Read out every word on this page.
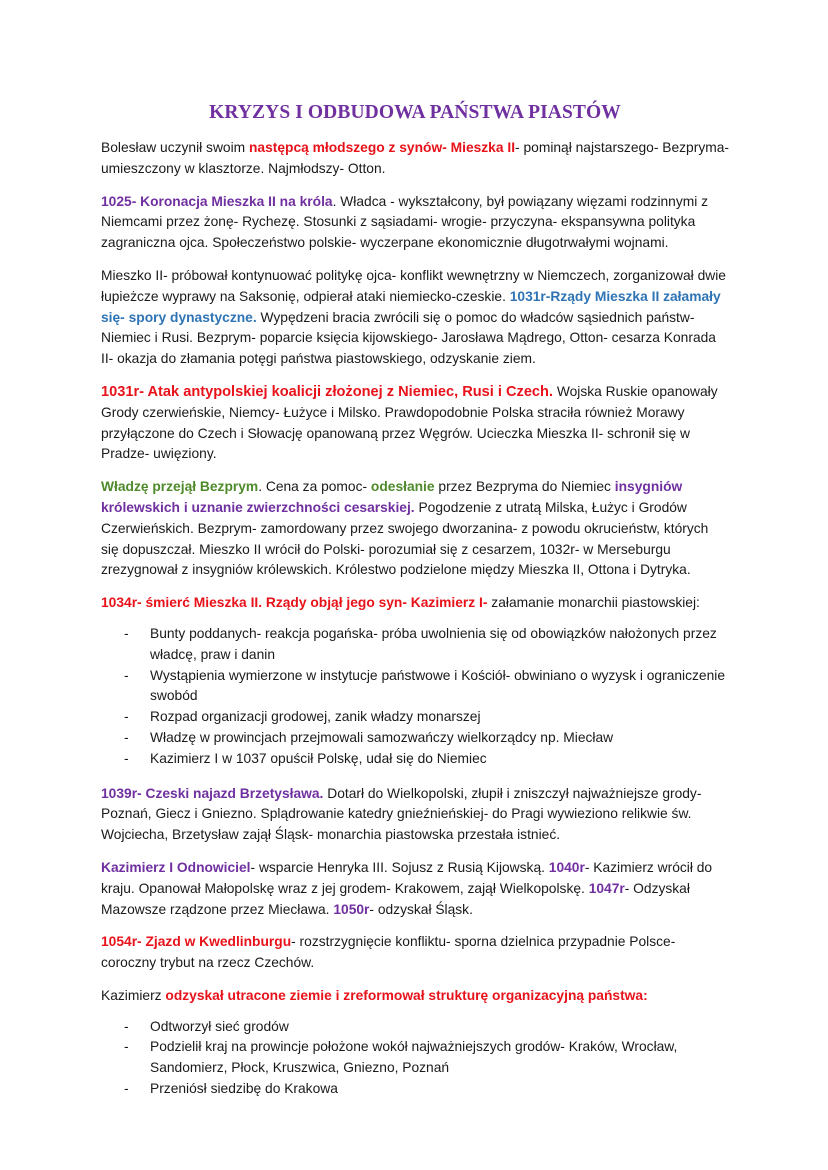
KRYZYS I ODBUDOWA PAŃSTWA PIASTÓW

Bolesław uczynił swoim następcą młodszego z synów- Mieszka II- pominął najstarszego- Bezpryma- umieszczony w klasztorze. Najmłodszy- Otton.

1025- Koronacja Mieszka II na króla. Władca - wykształcony, był powiązany więzami rodzinnymi z Niemcami przez żonę- Rychezę. Stosunki z sąsiadami- wrogie- przyczyna- ekspansywna polityka zagraniczna ojca. Społeczeństwo polskie- wyczerpane ekonomicznie długotrwałymi wojnami.

Mieszko II- próbował kontynuować politykę ojca- konflikt wewnętrzny w Niemczech, zorganizował dwie łupieżcze wyprawy na Saksonię, odpierał ataki niemiecko-czeskie. 1031r-Rządy Mieszka II załamały się- spory dynastyczne. Wypędzeni bracia zwrócili się o pomoc do władców sąsiednich państw- Niemiec i Rusi. Bezprym- poparcie księcia kijowskiego- Jarosława Mądrego, Otton- cesarza Konrada II- okazja do złamania potęgi państwa piastowskiego, odzyskanie ziem.

1031r- Atak antypolskiej koalicji złożonej z Niemiec, Rusi i Czech. Wojska Ruskie opanowały Grody czerwieńskie, Niemcy- Łużyce i Milsko. Prawdopodobnie Polska straciła również Morawy przyłączone do Czech i Słowację opanowaną przez Węgrów. Ucieczka Mieszka II- schronił się w Pradze- uwięziony.

Władzę przejął Bezprym. Cena za pomoc- odesłanie przez Bezpryma do Niemiec insygniów królewskich i uznanie zwierzchności cesarskiej. Pogodzenie z utratą Milska, Łużyc i Grodów Czerwieńskich. Bezprym- zamordowany przez swojego dworzanina- z powodu okrucieństw, których się dopuszczał. Mieszko II wrócił do Polski- porozumiał się z cesarzem, 1032r- w Merseburgu zrezygnował z insygniów królewskich. Królestwo podzielone między Mieszka II, Ottona i Dytryka.

1034r- śmierć Mieszka II. Rządy objął jego syn- Kazimierz I- załamanie monarchii piastowskiej:

- Bunty poddanych- reakcja pogańska- próba uwolnienia się od obowiązków nałożonych przez władcę, praw i danin
- Wystąpienia wymierzone w instytucje państwowe i Kościół- obwiniano o wyzysk i ograniczenie swobód
- Rozpad organizacji grodowej, zanik władzy monarszej
- Władzę w prowincjach przejmowali samozwańczy wielkorządcy np. Miecław
- Kazimierz I w 1037 opuścił Polskę, udał się do Niemiec

1039r- Czeski najazd Brzetysława. Dotarł do Wielkopolski, złupił i zniszczył najważniejsze grody- Poznań, Giecz i Gniezno. Splądrowanie katedry gnieźnieńskiej- do Pragi wywieziono relikwie św. Wojciecha, Brzetysław zajął Śląsk- monarchia piastowska przestała istnieć.

Kazimierz I Odnowiciel- wsparcie Henryka III. Sojusz z Rusią Kijowską. 1040r- Kazimierz wrócił do kraju. Opanował Małopolskę wraz z jej grodem- Krakowem, zajął Wielkopolskę. 1047r- Odzyskał Mazowsze rządzone przez Miecława. 1050r- odzyskał Śląsk.

1054r- Zjazd w Kwedlinburgu- rozstrzygnięcie konfliktu- sporna dzielnica przypadnie Polsce- coroczny trybut na rzecz Czechów.

Kazimierz odzyskał utracone ziemie i zreformował strukturę organizacyjną państwa:

- Odtworzył sieć grodów
- Podzielił kraj na prowincje położone wokół najważniejszych grodów- Kraków, Wrocław, Sandomierz, Płock, Kruszwica, Gniezno, Poznań
- Przeniósł siedzibę do Krakowa
